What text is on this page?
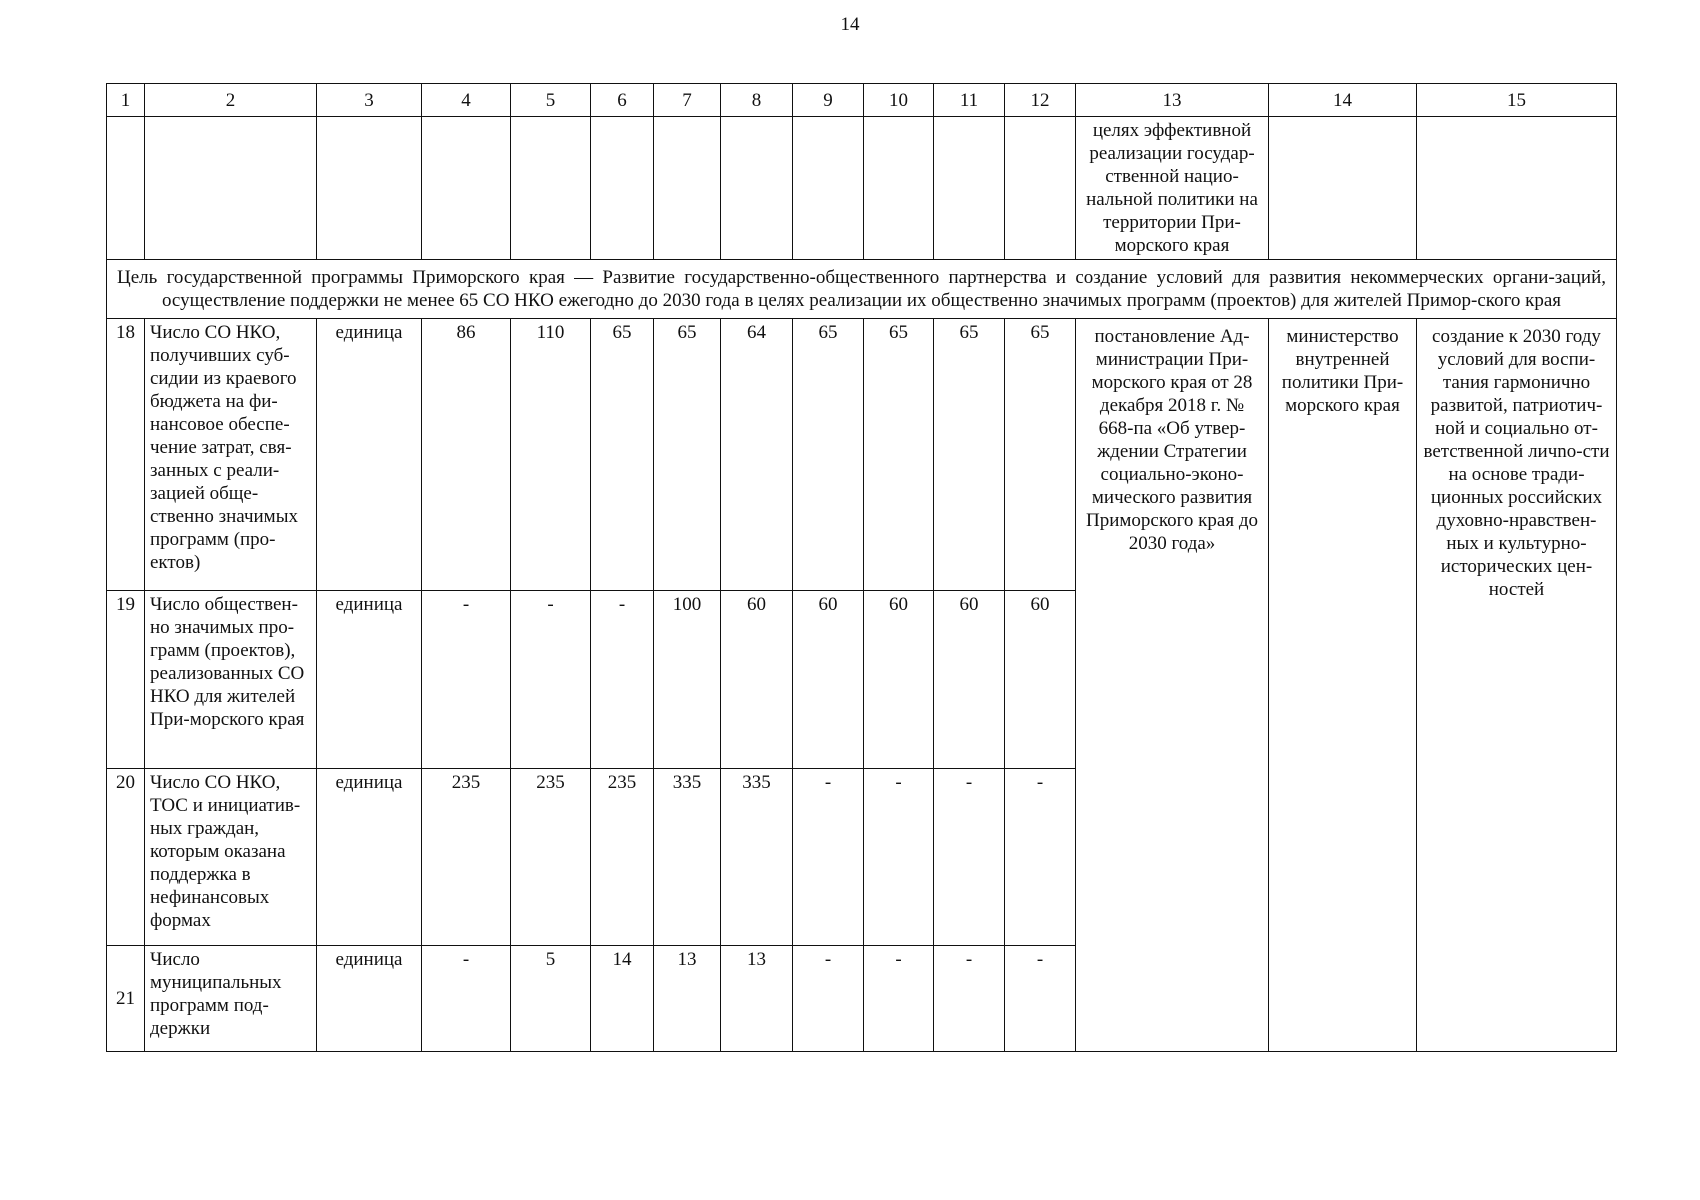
14
1	2	3	4	5	6	7	8	9	10	11	12	13	14	15
												целях эффективной реализации государ-ственной нацио-нальной политики на территории При-морского края		
Цель государственной программы Приморского края — Развитие государственно-общественного партнерства и создание условий для развития некоммерческих органи-заций, осуществление поддержки не менее 65 СО НКО ежегодно до 2030 года в целях реализации их общественно значимых программ (проектов) для жителей Примор-ского края														
18	Число СО НКО, получивших суб-сидии из краевого бюджета на фи-нансовое обеспе-чение затрат, свя-занных с реали-зацией обще-ственно значимых программ (про-ектов)	единица	86	110	65	65	64	65	65	65	65	постановление Ад-министрации При-морского края от 28 декабря 2018 г. № 668-па «Об утвер-ждении Стратегии социально-эконо-мического развития Приморского края до 2030 года»	министерство внутренней политики При-морского края	создание к 2030 году условий для воспи-тания гармонично развитой, патриотич-ной и социально от-ветственной личno-сти на основе тради-ционных российских духовно-нравствен-ных и культурно-исторических цен-ностей
19	Число обществен-но значимых про-грамм (проектов), реализованных СО НКО для жителей При-морского края	единица	-	-	-	100	60	60	60	60	60			
20	Число СО НКО, ТОС и инициатив-ных граждан, которым оказана поддержка в нефинансовых формах	единица	235	235	235	335	335	-	-	-	-			
21	Число муниципальных программ под-держки	единица	-	5	14	13	13	-	-	-	-			
